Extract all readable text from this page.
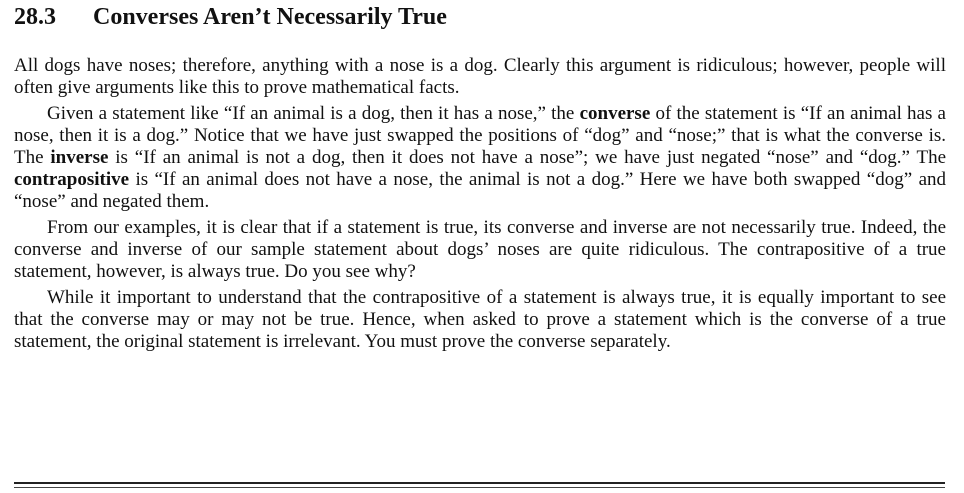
28.3 Converses Aren’t Necessarily True

All dogs have noses; therefore, anything with a nose is a dog. Clearly this argument is ridiculous; however, people will often give arguments like this to prove mathematical facts.

Given a statement like “If an animal is a dog, then it has a nose,” the converse of the statement is “If an animal has a nose, then it is a dog.” Notice that we have just swapped the positions of “dog” and “nose;” that is what the converse is. The inverse is “If an animal is not a dog, then it does not have a nose”; we have just negated “nose” and “dog.” The contrapositive is “If an animal does not have a nose, the animal is not a dog.” Here we have both swapped “dog” and “nose” and negated them.

From our examples, it is clear that if a statement is true, its converse and inverse are not necessarily true. Indeed, the converse and inverse of our sample statement about dogs’ noses are quite ridiculous. The contrapositive of a true statement, however, is always true. Do you see why?

While it important to understand that the contrapositive of a statement is always true, it is equally important to see that the converse may or may not be true. Hence, when asked to prove a statement which is the converse of a true statement, the original statement is irrelevant. You must prove the converse separately.
